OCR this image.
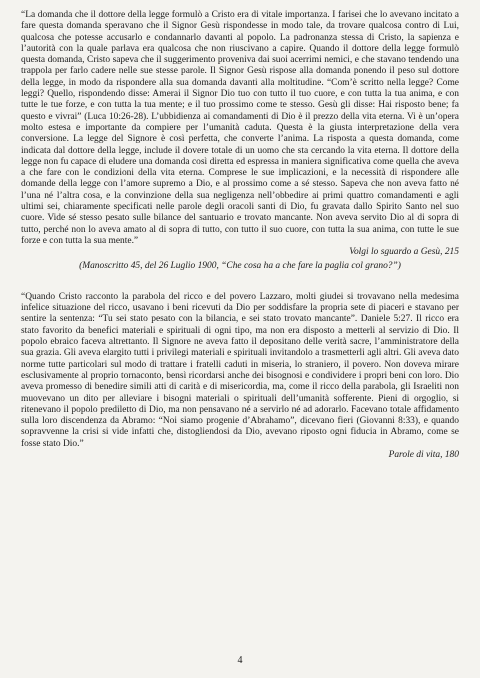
“La domanda che il dottore della legge formulò a Cristo era di vitale importanza. I farisei che lo avevano incitato a fare questa domanda speravano che il Signor Gesù rispondesse in modo tale, da trovare qualcosa contro di Lui, qualcosa che potesse accusarlo e condannarlo davanti al popolo. La padronanza stessa di Cristo, la sapienza e l’autorità con la quale parlava era qualcosa che non riuscivano a capire. Quando il dottore della legge formulò questa domanda, Cristo sapeva che il suggerimento proveniva dai suoi acerrimi nemici, e che stavano tendendo una trappola per farlo cadere nelle sue stesse parole. Il Signor Gesù rispose alla domanda ponendo il peso sul dottore della legge, in modo da rispondere alla sua domanda davanti alla moltitudine. “Com’è scritto nella legge? Come leggi? Quello, rispondendo disse: Amerai il Signor Dio tuo con tutto il tuo cuore, e con tutta la tua anima, e con tutte le tue forze, e con tutta la tua mente; e il tuo prossimo come te stesso. Gesù gli disse: Hai risposto bene; fa questo e vivrai” (Luca 10:26-28). L’ubbidienza ai comandamenti di Dio è il prezzo della vita eterna. Vi è un’opera molto estesa e importante da compiere per l’umanità caduta. Questa è la giusta interpretazione della vera conversione. La legge del Signore è così perfetta, che converte l’anima. La risposta a questa domanda, come indicata dal dottore della legge, include il dovere totale di un uomo che sta cercando la vita eterna. Il dottore della legge non fu capace di eludere una domanda così diretta ed espressa in maniera significativa come quella che aveva a che fare con le condizioni della vita eterna. Comprese le sue implicazioni, e la necessità di rispondere alle domande della legge con l’amore supremo a Dio, e al prossimo come a sé stesso. Sapeva che non aveva fatto né l’una né l’altra cosa, e la convinzione della sua negligenza nell’obbedire ai primi quattro comandamenti e agli ultimi sei, chiaramente specificati nelle parole degli oracoli santi di Dio, fu gravata dallo Spirito Santo nel suo cuore. Vide sé stesso pesato sulle bilance del santuario e trovato mancante. Non aveva servito Dio al di sopra di tutto, perché non lo aveva amato al di sopra di tutto, con tutto il suo cuore, con tutta la sua anima, con tutte le sue forze e con tutta la sua mente.”
Volgi lo sguardo a Gesù, 215

(Manoscritto 45, del 26 Luglio 1900, “Che cosa ha a che fare la paglia col grano?”)

“Quando Cristo racconto la parabola del ricco e del povero Lazzaro, molti giudei si trovavano nella medesima infelice situazione del ricco, usavano i beni ricevuti da Dio per soddisfare la propria sete di piaceri e stavano per sentire la sentenza: “Tu sei stato pesato con la bilancia, e sei stato trovato mancante”. Daniele 5:27. Il ricco era stato favorito da benefici materiali e spirituali di ogni tipo, ma non era disposto a metterli al servizio di Dio. Il popolo ebraico faceva altrettanto. Il Signore ne aveva fatto il depositano delle verità sacre, l’amministratore della sua grazia. Gli aveva elargito tutti i privilegi materiali e spirituali invitandolo a trasmetterli agli altri. Gli aveva dato norme tutte particolari sul modo di trattare i fratelli caduti in miseria, lo straniero, il povero. Non doveva mirare esclusivamente al proprio tornaconto, bensì ricordarsi anche dei bisognosi e condividere i propri beni con loro. Dio aveva promesso di benedire simili atti di carità e di misericordia, ma, come il ricco della parabola, gli Israeliti non muovevano un dito per alleviare i bisogni materiali o spirituali dell’umanità sofferente. Pieni di orgoglio, si ritenevano il popolo prediletto di Dio, ma non pensavano né a servirlo né ad adorarlo. Facevano totale affidamento sulla loro discendenza da Abramo: “Noi siamo progenie d’Abrahamo”, dicevano fieri (Giovanni 8:33), e quando sopravvenne la crisi si vide infatti che, distogliendosi da Dio, avevano riposto ogni fiducia in Abramo, come se fosse stato Dio.”
Parole di vita, 180

4
